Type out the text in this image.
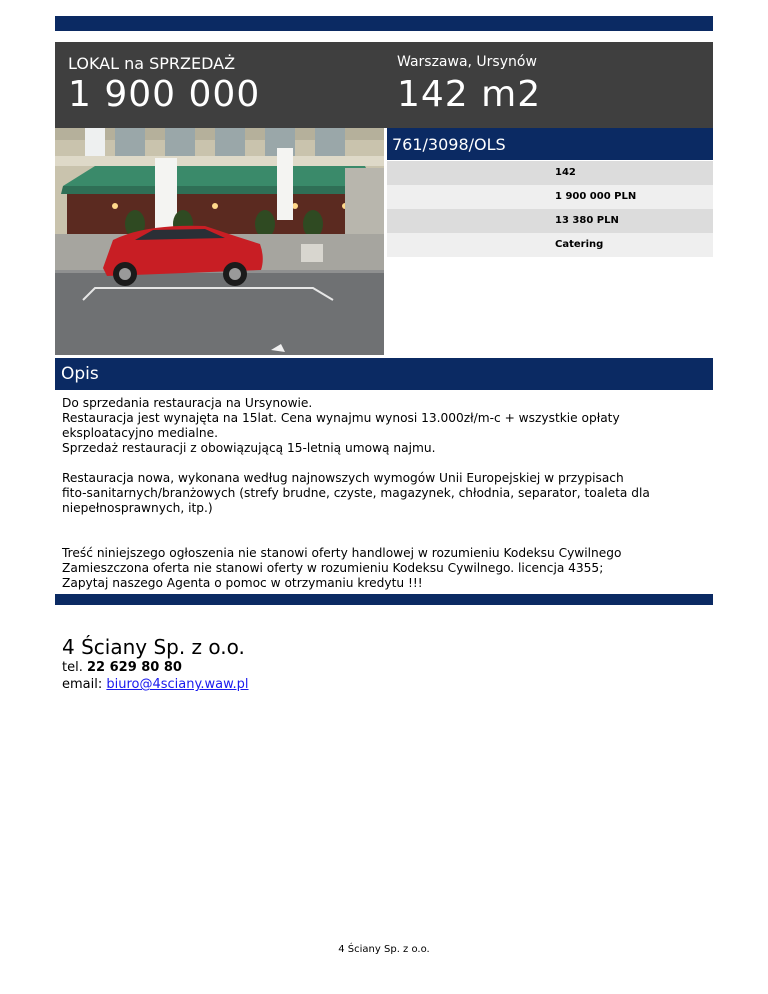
LOKAL na SPRZEDAŻ
1 900 000
Warszawa, Ursynów
142 m2
761/3098/OLS
142
1 900 000 PLN
13 380 PLN
Catering
Opis

Do sprzedania restauracja na Ursynowie.

Restauracja jest wynajęta na 15lat. Cena wynajmu wynosi 13.000zł/m-c + wszystkie opłaty

eksploatacyjno medialne.

Sprzedaż restauracji z obowiązującą 15-letnią umową najmu.

Restauracja nowa, wykonana według najnowszych wymogów Unii Europejskiej w przypisach

fito-sanitarnych/branżowych (strefy brudne, czyste, magazynek, chłodnia, separator, toaleta dla

niepełnosprawnych, itp.)

Treść niniejszego ogłoszenia nie stanowi oferty handlowej w rozumieniu Kodeksu Cywilnego

Zamieszczona oferta nie stanowi oferty w rozumieniu Kodeksu Cywilnego. licencja 4355;

Zapytaj naszego Agenta o pomoc w otrzymaniu kredytu !!!

4 Ściany Sp. z o.o.
tel. 22 629 80 80
email: biuro@4sciany.waw.pl
4 Ściany Sp. z o.o.
